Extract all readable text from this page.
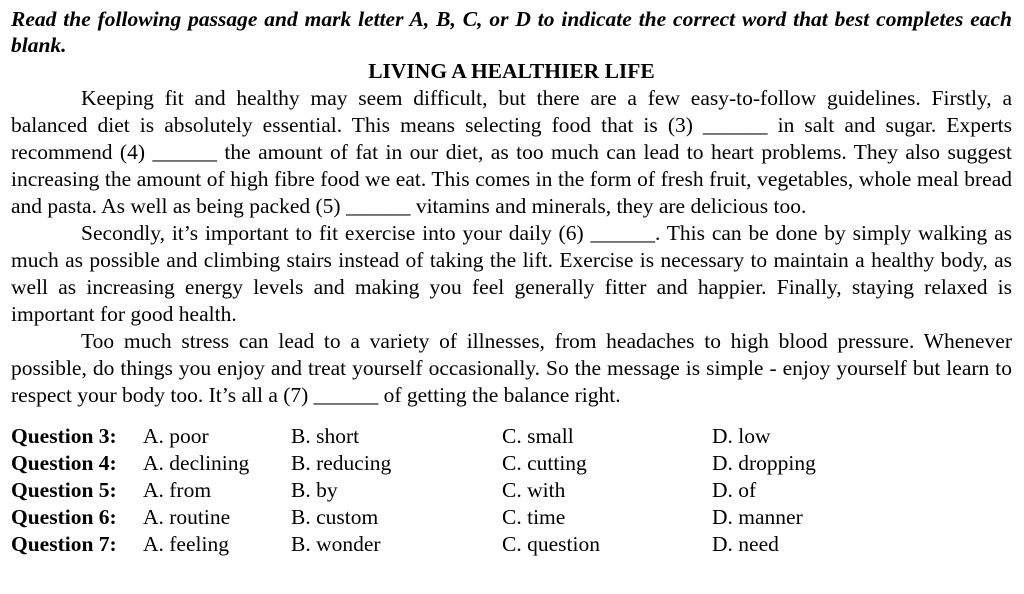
Read the following passage and mark letter A, B, C, or D to indicate the correct word that best completes each blank.

LIVING A HEALTHIER LIFE

Keeping fit and healthy may seem difficult, but there are a few easy-to-follow guidelines. Firstly, a balanced diet is absolutely essential. This means selecting food that is (3) ______ in salt and sugar. Experts recommend (4) ______ the amount of fat in our diet, as too much can lead to heart problems. They also suggest increasing the amount of high fibre food we eat. This comes in the form of fresh fruit, vegetables, whole meal bread and pasta. As well as being packed (5) ______ vitamins and minerals, they are delicious too.

Secondly, it’s important to fit exercise into your daily (6) ______. This can be done by simply walking as much as possible and climbing stairs instead of taking the lift. Exercise is necessary to maintain a healthy body, as well as increasing energy levels and making you feel generally fitter and happier. Finally, staying relaxed is important for good health.

Too much stress can lead to a variety of illnesses, from headaches to high blood pressure. Whenever possible, do things you enjoy and treat yourself occasionally. So the message is simple - enjoy yourself but learn to respect your body too. It’s all a (7) ______ of getting the balance right.

Question 3: A. poor	B. short	C. small	D. low
Question 4: A. declining B. reducing	C. cutting	D. dropping
Question 5: A. from	B. by	C. with	D. of
Question 6: A. routine	B. custom	C. time	D. manner
Question 7: A. feeling	B. wonder	C. question	D. need
